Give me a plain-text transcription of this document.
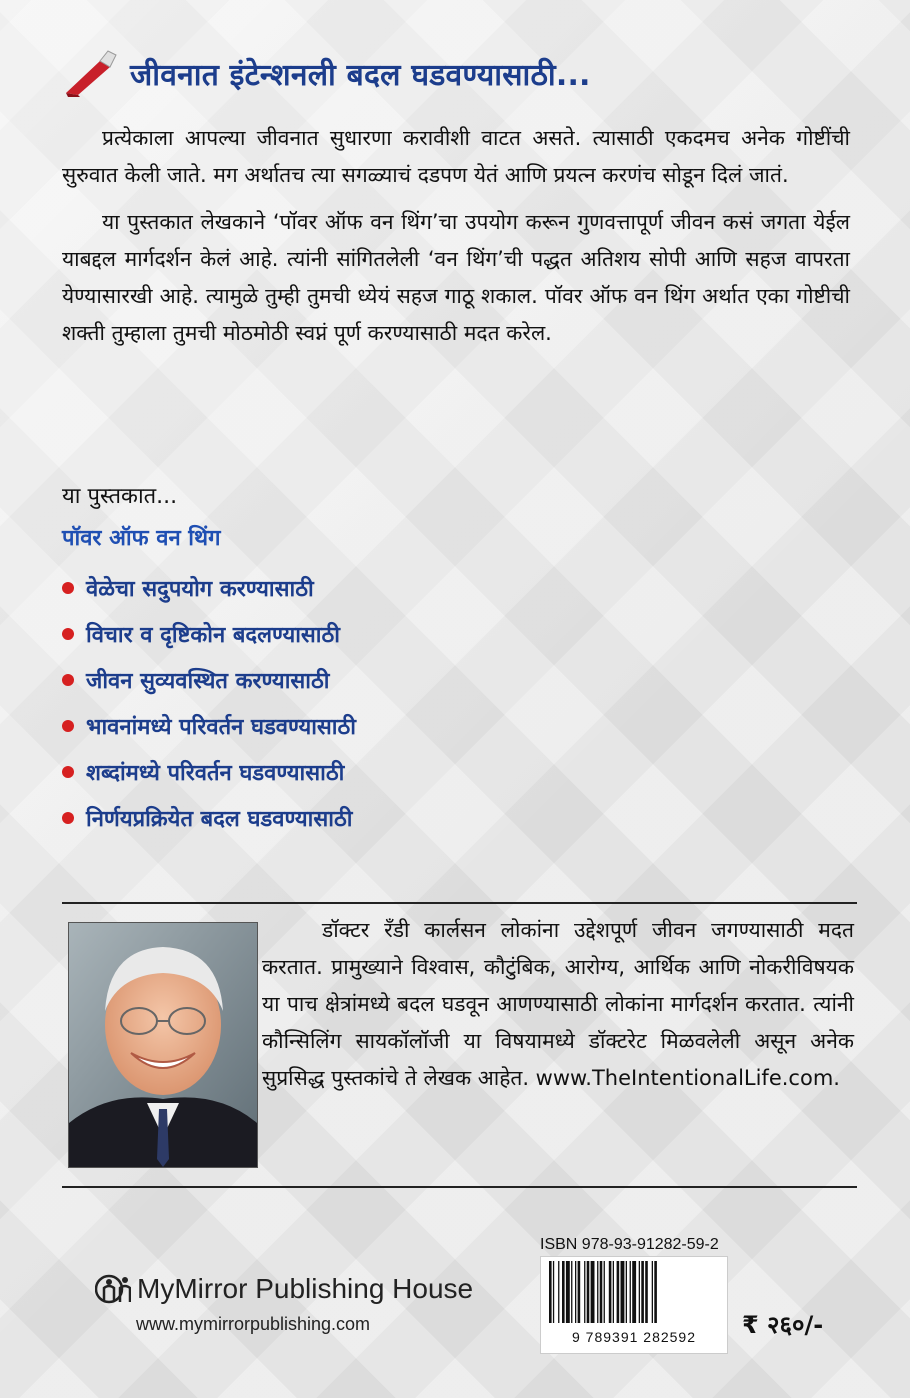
जीवनात इंटेन्शनली बदल घडवण्यासाठी...

प्रत्येकाला आपल्या जीवनात सुधारणा करावीशी वाटत असते. त्यासाठी एकदमच अनेक गोष्टींची सुरुवात केली जाते. मग अर्थातच त्या सगळ्याचं दडपण येतं आणि प्रयत्न करणंच सोडून दिलं जातं.

या पुस्तकात लेखकाने ‘पॉवर ऑफ वन थिंग’चा उपयोग करून गुणवत्तापूर्ण जीवन कसं जगता येईल याबद्दल मार्गदर्शन केलं आहे. त्यांनी सांगितलेली ‘वन थिंग’ची पद्धत अतिशय सोपी आणि सहज वापरता येण्यासारखी आहे. त्यामुळे तुम्ही तुमची ध्येयं सहज गाठू शकाल. पॉवर ऑफ वन थिंग अर्थात एका गोष्टीची शक्ती तुम्हाला तुमची मोठमोठी स्वप्नं पूर्ण करण्यासाठी मदत करेल.

या पुस्तकात...
पॉवर ऑफ वन थिंग
वेळेचा सदुपयोग करण्यासाठी
विचार व दृष्टिकोन बदलण्यासाठी
जीवन सुव्यवस्थित करण्यासाठी
भावनांमध्ये परिवर्तन घडवण्यासाठी
शब्दांमध्ये परिवर्तन घडवण्यासाठी
निर्णयप्रक्रियेत बदल घडवण्यासाठी
डॉक्टर रँडी कार्लसन लोकांना उद्देशपूर्ण जीवन जगण्यासाठी मदत करतात. प्रामुख्याने विश्वास, कौटुंबिक, आरोग्य, आर्थिक आणि नोकरीविषयक या पाच क्षेत्रांमध्ये बदल घडवून आणण्यासाठी लोकांना मार्गदर्शन करतात. त्यांनी कौन्सिलिंग सायकॉलॉजी या विषयामध्ये डॉक्टरेट मिळवलेली असून अनेक सुप्रसिद्ध पुस्तकांचे ते लेखक आहेत. www.TheIntentionalLife.com.
MyMirror Publishing House
www.mymirrorpublishing.com
ISBN 978-93-91282-59-2
9 789391 282592	₹ २६०/-
